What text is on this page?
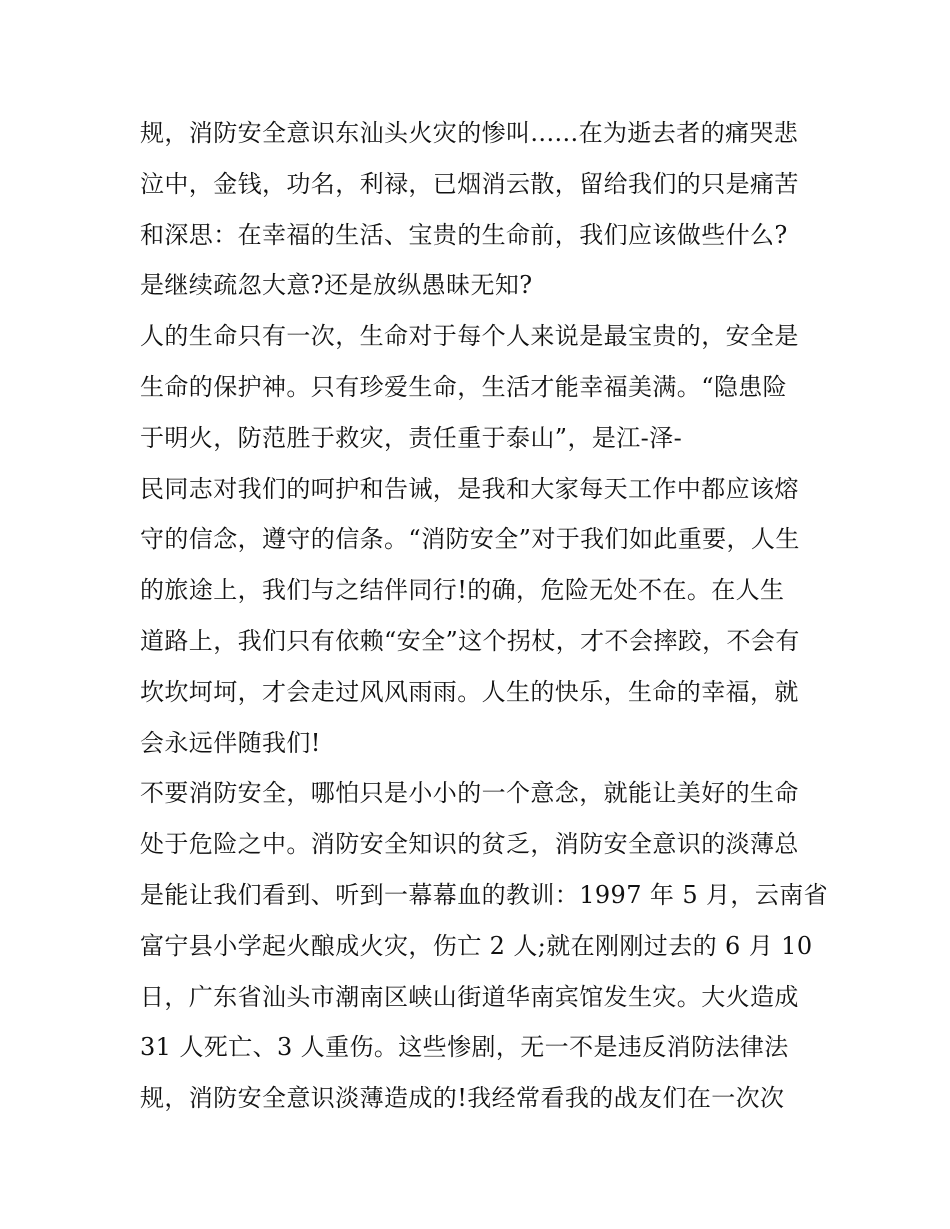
规，消防安全意识东汕头火灾的惨叫......在为逝去者的痛哭悲
泣中，金钱，功名，利禄，已烟消云散，留给我们的只是痛苦
和深思：在幸福的生活、宝贵的生命前，我们应该做些什么?
是继续疏忽大意?还是放纵愚昧无知?
人的生命只有一次，生命对于每个人来说是最宝贵的，安全是
生命的保护神。只有珍爱生命，生活才能幸福美满。“隐患险
于明火，防范胜于救灾，责任重于泰山”，是江-泽-
民同志对我们的呵护和告诫，是我和大家每天工作中都应该熔
守的信念，遵守的信条。“消防安全”对于我们如此重要，人生
的旅途上，我们与之结伴同行!的确，危险无处不在。在人生
道路上，我们只有依赖“安全”这个拐杖，才不会摔跤，不会有
坎坎坷坷，才会走过风风雨雨。人生的快乐，生命的幸福，就
会永远伴随我们!
不要消防安全，哪怕只是小小的一个意念，就能让美好的生命
处于危险之中。消防安全知识的贫乏，消防安全意识的淡薄总
是能让我们看到、听到一幕幕血的教训：1997 年 5 月，云南省
富宁县小学起火酿成火灾，伤亡 2 人;就在刚刚过去的 6 月 10
日，广东省汕头市潮南区峡山街道华南宾馆发生灾。大火造成
31 人死亡、3 人重伤。这些惨剧，无一不是违反消防法律法
规，消防安全意识淡薄造成的!我经常看我的战友们在一次次
